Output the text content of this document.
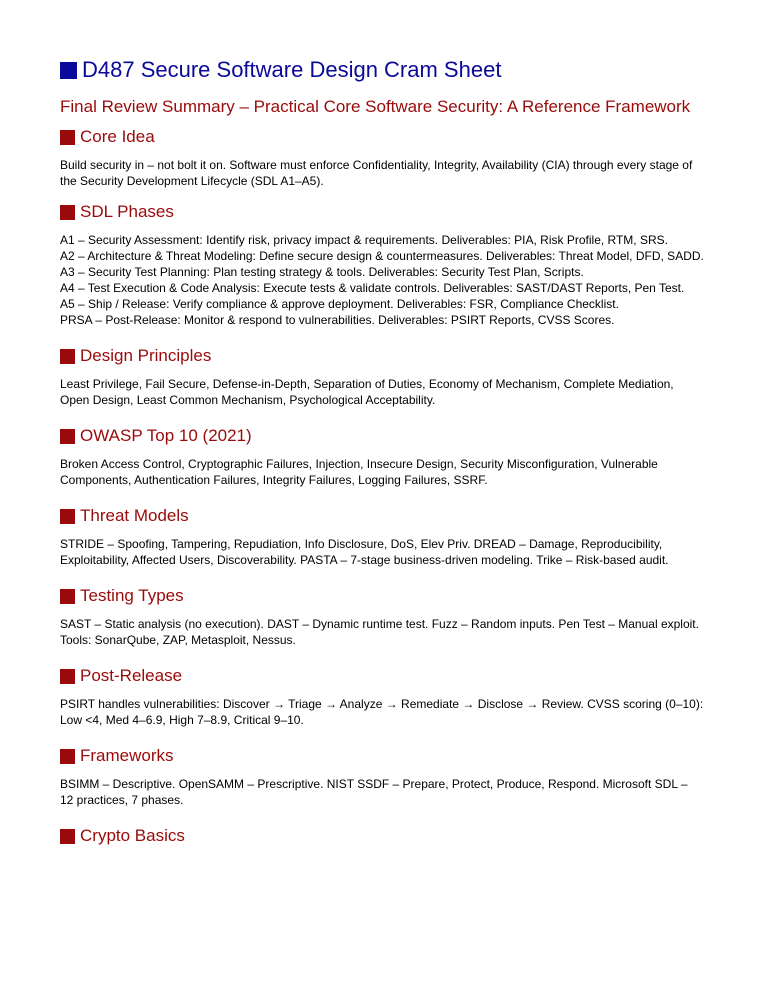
D487 Secure Software Design Cram Sheet
Final Review Summary – Practical Core Software Security: A Reference Framework
Core Idea

Build security in – not bolt it on. Software must enforce Confidentiality, Integrity, Availability (CIA) through every stage of the Security Development Lifecycle (SDL A1–A5).

SDL Phases

A1 – Security Assessment: Identify risk, privacy impact & requirements. Deliverables: PIA, Risk Profile, RTM, SRS.
A2 – Architecture & Threat Modeling: Define secure design & countermeasures. Deliverables: Threat Model, DFD, SADD.
A3 – Security Test Planning: Plan testing strategy & tools. Deliverables: Security Test Plan, Scripts.
A4 – Test Execution & Code Analysis: Execute tests & validate controls. Deliverables: SAST/DAST Reports, Pen Test.
A5 – Ship / Release: Verify compliance & approve deployment. Deliverables: FSR, Compliance Checklist.
PRSA – Post-Release: Monitor & respond to vulnerabilities. Deliverables: PSIRT Reports, CVSS Scores.

Design Principles

Least Privilege, Fail Secure, Defense-in-Depth, Separation of Duties, Economy of Mechanism, Complete Mediation, Open Design, Least Common Mechanism, Psychological Acceptability.

OWASP Top 10 (2021)

Broken Access Control, Cryptographic Failures, Injection, Insecure Design, Security Misconfiguration, Vulnerable Components, Authentication Failures, Integrity Failures, Logging Failures, SSRF.

Threat Models

STRIDE – Spoofing, Tampering, Repudiation, Info Disclosure, DoS, Elev Priv. DREAD – Damage, Reproducibility, Exploitability, Affected Users, Discoverability. PASTA – 7-stage business-driven modeling. Trike – Risk-based audit.

Testing Types

SAST – Static analysis (no execution). DAST – Dynamic runtime test. Fuzz – Random inputs. Pen Test – Manual exploit. Tools: SonarQube, ZAP, Metasploit, Nessus.

Post-Release

PSIRT handles vulnerabilities: Discover → Triage → Analyze → Remediate → Disclose → Review. CVSS scoring (0–10): Low <4, Med 4–6.9, High 7–8.9, Critical 9–10.

Frameworks

BSIMM – Descriptive. OpenSAMM – Prescriptive. NIST SSDF – Prepare, Protect, Produce, Respond. Microsoft SDL – 12 practices, 7 phases.

Crypto Basics
